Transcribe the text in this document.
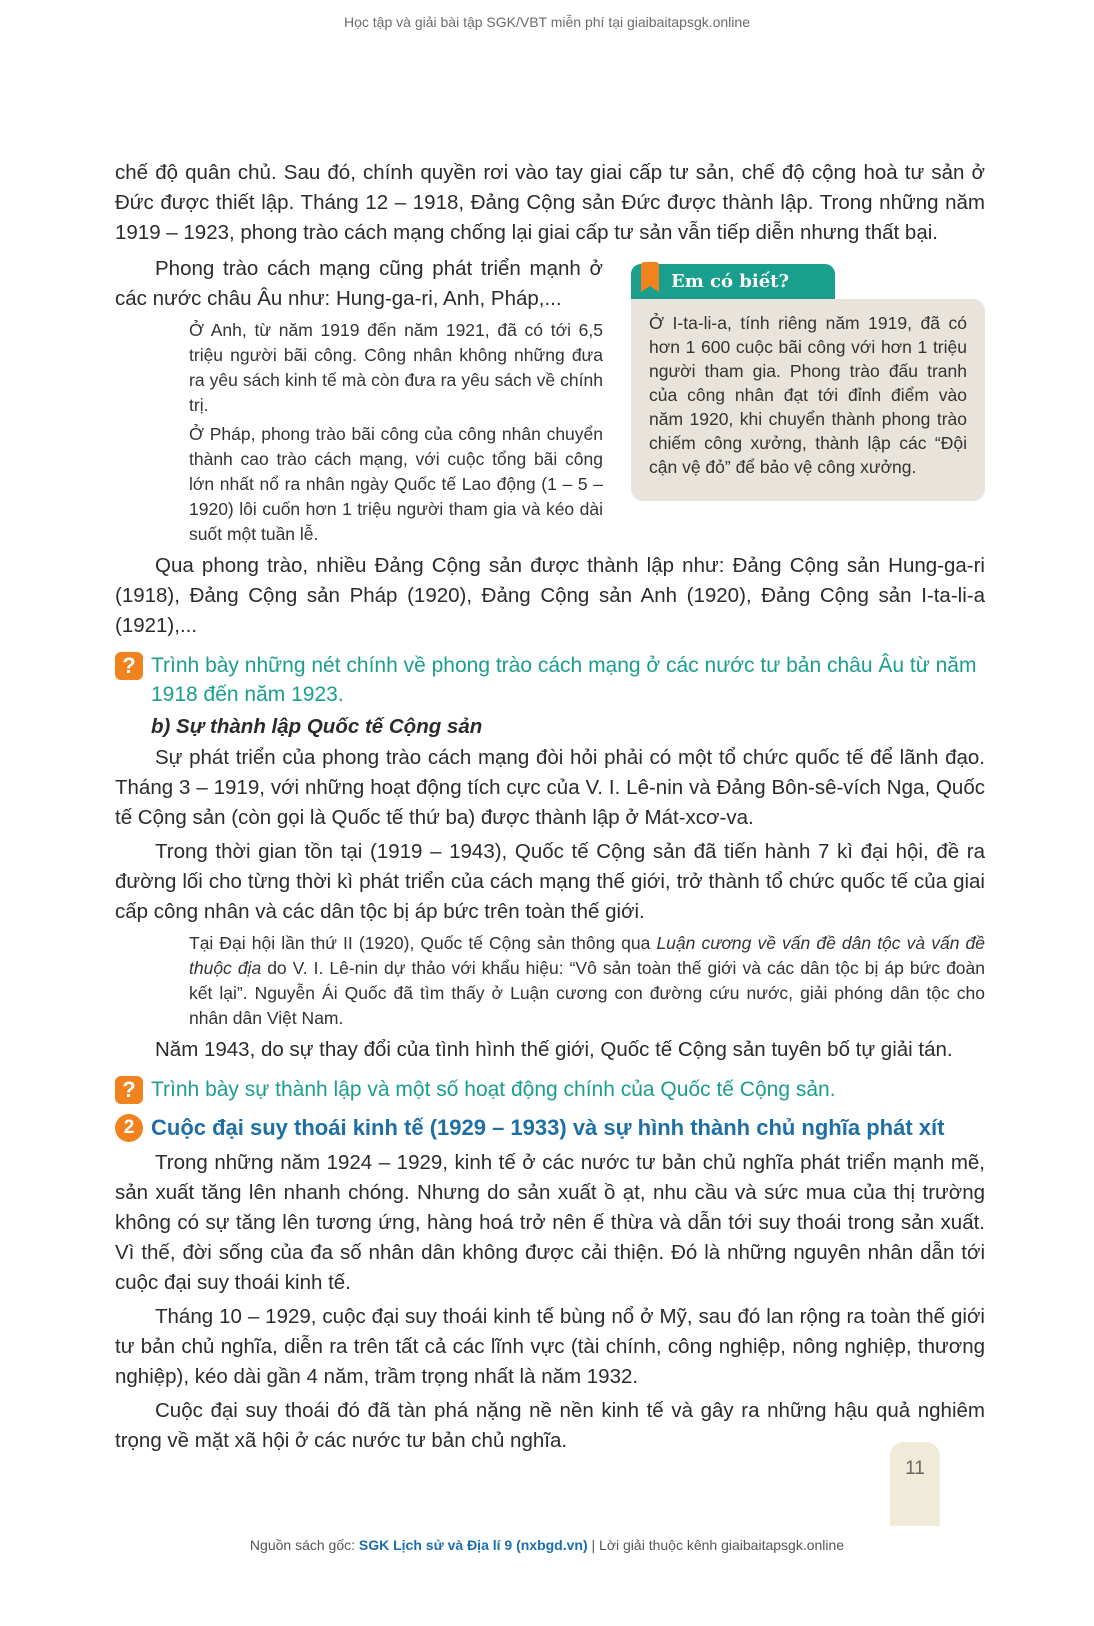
Học tập và giải bài tập SGK/VBT miễn phí tại giaibaitapsgk.online

chế độ quân chủ. Sau đó, chính quyền rơi vào tay giai cấp tư sản, chế độ cộng hoà tư sản ở Đức được thiết lập. Tháng 12 – 1918, Đảng Cộng sản Đức được thành lập. Trong những năm 1919 – 1923, phong trào cách mạng chống lại giai cấp tư sản vẫn tiếp diễn nhưng thất bại.

Phong trào cách mạng cũng phát triển mạnh ở các nước châu Âu như: Hung-ga-ri, Anh, Pháp,...

Ở Anh, từ năm 1919 đến năm 1921, đã có tới 6,5 triệu người bãi công. Công nhân không những đưa ra yêu sách kinh tế mà còn đưa ra yêu sách về chính trị.

Ở Pháp, phong trào bãi công của công nhân chuyển thành cao trào cách mạng, với cuộc tổng bãi công lớn nhất nổ ra nhân ngày Quốc tế Lao động (1 – 5 – 1920) lôi cuốn hơn 1 triệu người tham gia và kéo dài suốt một tuần lễ.

Em có biết?
Ở I-ta-li-a, tính riêng năm 1919, đã có hơn 1 600 cuộc bãi công với hơn 1 triệu người tham gia. Phong trào đấu tranh của công nhân đạt tới đỉnh điểm vào năm 1920, khi chuyển thành phong trào chiếm công xưởng, thành lập các “Đội cận vệ đỏ” để bảo vệ công xưởng.

Qua phong trào, nhiều Đảng Cộng sản được thành lập như: Đảng Cộng sản Hung-ga-ri (1918), Đảng Cộng sản Pháp (1920), Đảng Cộng sản Anh (1920), Đảng Cộng sản I-ta-li-a (1921),...

? Trình bày những nét chính về phong trào cách mạng ở các nước tư bản châu Âu từ năm 1918 đến năm 1923.
b) Sự thành lập Quốc tế Cộng sản

Sự phát triển của phong trào cách mạng đòi hỏi phải có một tổ chức quốc tế để lãnh đạo. Tháng 3 – 1919, với những hoạt động tích cực của V. I. Lê-nin và Đảng Bôn-sê-vích Nga, Quốc tế Cộng sản (còn gọi là Quốc tế thứ ba) được thành lập ở Mát-xcơ-va.

Trong thời gian tồn tại (1919 – 1943), Quốc tế Cộng sản đã tiến hành 7 kì đại hội, đề ra đường lối cho từng thời kì phát triển của cách mạng thế giới, trở thành tổ chức quốc tế của giai cấp công nhân và các dân tộc bị áp bức trên toàn thế giới.

Tại Đại hội lần thứ II (1920), Quốc tế Cộng sản thông qua Luận cương về vấn đề dân tộc và vấn đề thuộc địa do V. I. Lê-nin dự thảo với khẩu hiệu: “Vô sản toàn thế giới và các dân tộc bị áp bức đoàn kết lại”. Nguyễn Ái Quốc đã tìm thấy ở Luận cương con đường cứu nước, giải phóng dân tộc cho nhân dân Việt Nam.

Năm 1943, do sự thay đổi của tình hình thế giới, Quốc tế Cộng sản tuyên bố tự giải tán.

? Trình bày sự thành lập và một số hoạt động chính của Quốc tế Cộng sản.
2 Cuộc đại suy thoái kinh tế (1929 – 1933) và sự hình thành chủ nghĩa phát xít

Trong những năm 1924 – 1929, kinh tế ở các nước tư bản chủ nghĩa phát triển mạnh mẽ, sản xuất tăng lên nhanh chóng. Nhưng do sản xuất ồ ạt, nhu cầu và sức mua của thị trường không có sự tăng lên tương ứng, hàng hoá trở nên ế thừa và dẫn tới suy thoái trong sản xuất. Vì thế, đời sống của đa số nhân dân không được cải thiện. Đó là những nguyên nhân dẫn tới cuộc đại suy thoái kinh tế.

Tháng 10 – 1929, cuộc đại suy thoái kinh tế bùng nổ ở Mỹ, sau đó lan rộng ra toàn thế giới tư bản chủ nghĩa, diễn ra trên tất cả các lĩnh vực (tài chính, công nghiệp, nông nghiệp, thương nghiệp), kéo dài gần 4 năm, trầm trọng nhất là năm 1932.

Cuộc đại suy thoái đó đã tàn phá nặng nề nền kinh tế và gây ra những hậu quả nghiêm trọng về mặt xã hội ở các nước tư bản chủ nghĩa.

11
Nguồn sách gốc: SGK Lịch sử và Địa lí 9 (nxbgd.vn) | Lời giải thuộc kênh giaibaitapsgk.online
